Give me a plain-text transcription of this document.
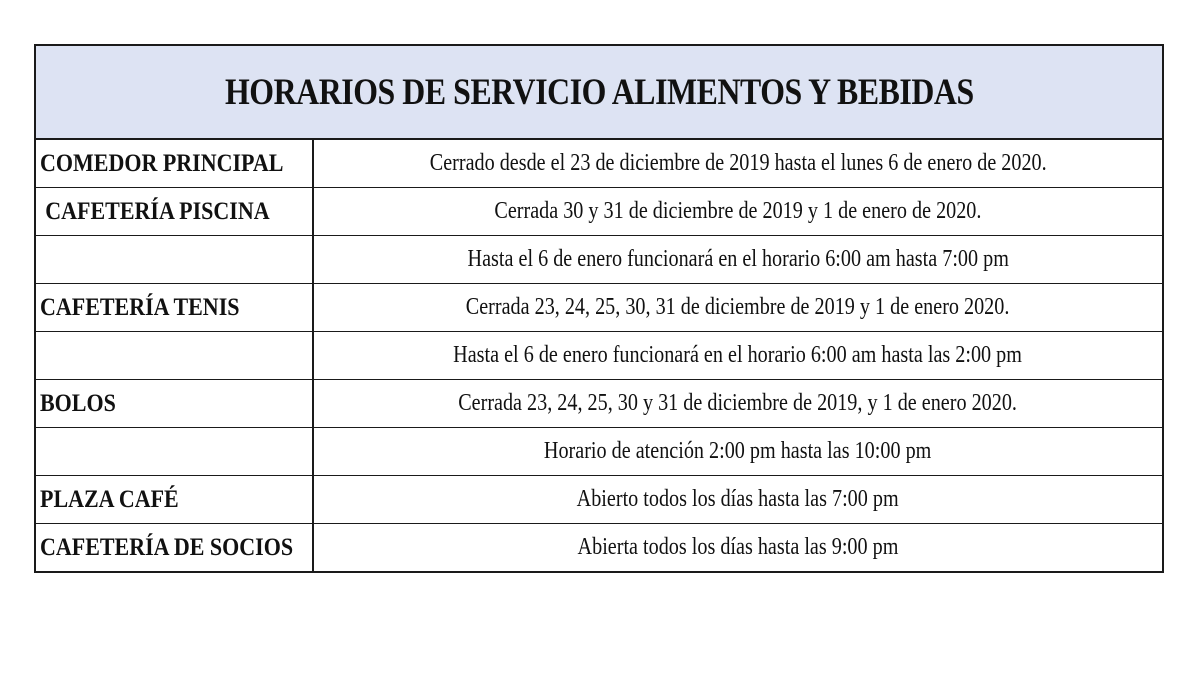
HORARIOS DE SERVICIO ALIMENTOS Y BEBIDAS
COMEDOR PRINCIPAL	Cerrado desde el 23 de diciembre de 2019 hasta el lunes 6 de enero de 2020.
CAFETERÍA PISCINA	Cerrada 30 y 31 de diciembre de 2019 y 1 de enero de 2020.
	Hasta el 6 de enero funcionará en el horario 6:00 am hasta 7:00 pm
CAFETERÍA TENIS	Cerrada 23, 24, 25, 30, 31 de diciembre de 2019 y 1 de enero 2020.
	Hasta el 6 de enero funcionará en el horario 6:00 am hasta las 2:00 pm
BOLOS	Cerrada 23, 24, 25, 30 y 31 de diciembre de 2019, y 1 de enero 2020.
	Horario de atención 2:00 pm hasta las 10:00 pm
PLAZA CAFÉ	Abierto todos los días hasta las 7:00 pm
CAFETERÍA DE SOCIOS	Abierta todos los días hasta las 9:00 pm
